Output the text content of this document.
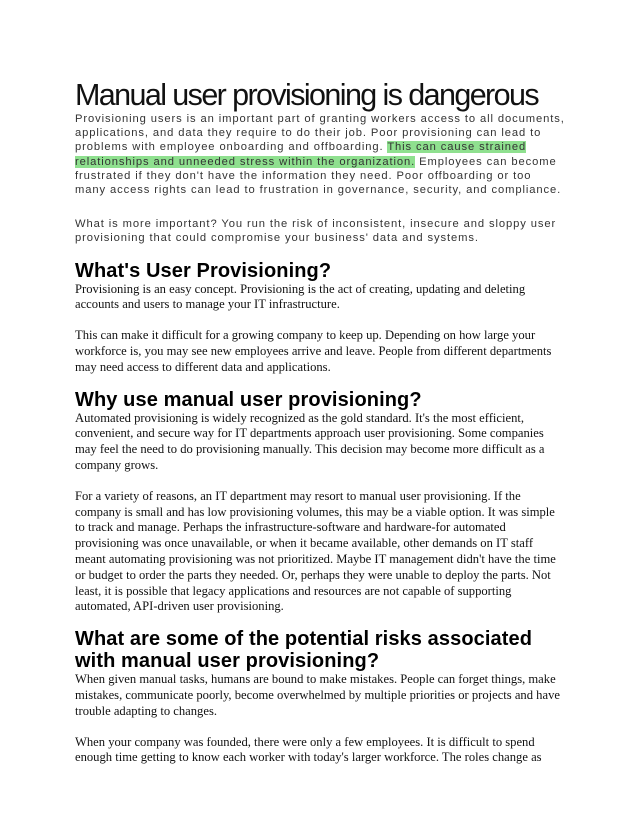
Manual user provisioning is dangerous

Provisioning users is an important part of granting workers access to all documents, applications, and data they require to do their job. Poor provisioning can lead to problems with employee onboarding and offboarding. This can cause strained relationships and unneeded stress within the organization. Employees can become frustrated if they don't have the information they need. Poor offboarding or too many access rights can lead to frustration in governance, security, and compliance.

What is more important? You run the risk of inconsistent, insecure and sloppy user provisioning that could compromise your business' data and systems.

What's User Provisioning?

Provisioning is an easy concept. Provisioning is the act of creating, updating and deleting accounts and users to manage your IT infrastructure.

This can make it difficult for a growing company to keep up. Depending on how large your workforce is, you may see new employees arrive and leave. People from different departments may need access to different data and applications.

Why use manual user provisioning?

Automated provisioning is widely recognized as the gold standard. It's the most efficient, convenient, and secure way for IT departments approach user provisioning. Some companies may feel the need to do provisioning manually. This decision may become more difficult as a company grows.

For a variety of reasons, an IT department may resort to manual user provisioning. If the company is small and has low provisioning volumes, this may be a viable option. It was simple to track and manage. Perhaps the infrastructure-software and hardware-for automated provisioning was once unavailable, or when it became available, other demands on IT staff meant automating provisioning was not prioritized. Maybe IT management didn't have the time or budget to order the parts they needed. Or, perhaps they were unable to deploy the parts. Not least, it is possible that legacy applications and resources are not capable of supporting automated, API-driven user provisioning.

What are some of the potential risks associated with manual user provisioning?

When given manual tasks, humans are bound to make mistakes. People can forget things, make mistakes, communicate poorly, become overwhelmed by multiple priorities or projects and have trouble adapting to changes.

When your company was founded, there were only a few employees. It is difficult to spend enough time getting to know each worker with today's larger workforce. The roles change as
